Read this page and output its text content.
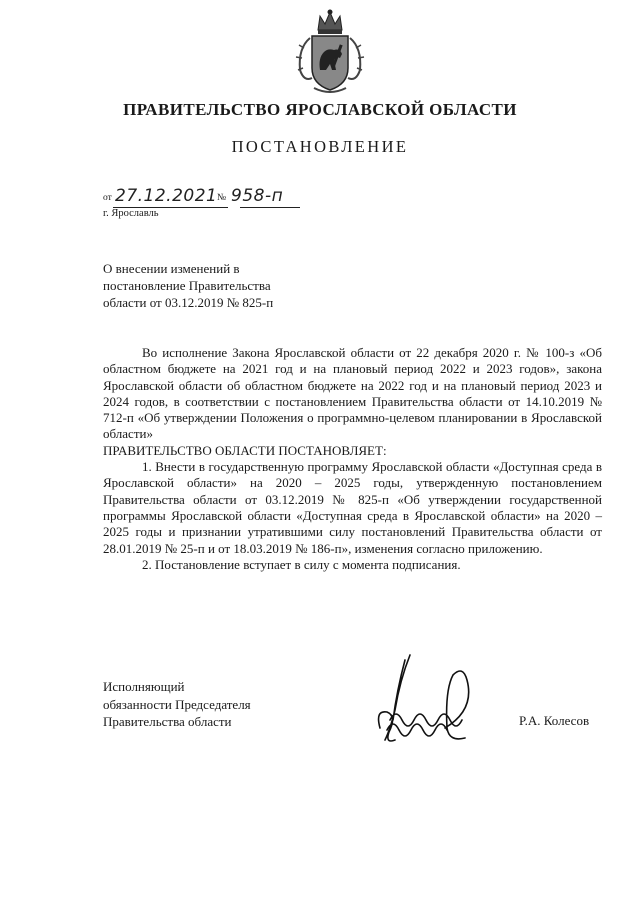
ПРАВИТЕЛЬСТВО ЯРОСЛАВСКОЙ ОБЛАСТИ
ПОСТАНОВЛЕНИЕ
от 27.12.2021 № 958-п
г. Ярославль
О внесении изменений в
постановление Правительства
области от 03.12.2019 № 825-п

Во исполнение Закона Ярославской области от 22 декабря 2020 г. № 100-з «Об областном бюджете на 2021 год и на плановый период 2022 и 2023 годов», закона Ярославской области об областном бюджете на 2022 год и на плановый период 2023 и 2024 годов, в соответствии с постановлением Правительства области от 14.10.2019 № 712-п «Об утверждении Положения о программно-целевом планировании в Ярославской области»

ПРАВИТЕЛЬСТВО ОБЛАСТИ ПОСТАНОВЛЯЕТ:

1. Внести в государственную программу Ярославской области «Доступная среда в Ярославской области» на 2020 – 2025 годы, утвержденную постановлением Правительства области от 03.12.2019 № 825-п «Об утверждении государственной программы Ярославской области «Доступная среда в Ярославской области» на 2020 – 2025 годы и признании утратившими силу постановлений Правительства области от 28.01.2019 № 25-п и от 18.03.2019 № 186-п», изменения согласно приложению.

2. Постановление вступает в силу с момента подписания.

Исполняющий
обязанности Председателя
Правительства области	Р.А. Колесов
